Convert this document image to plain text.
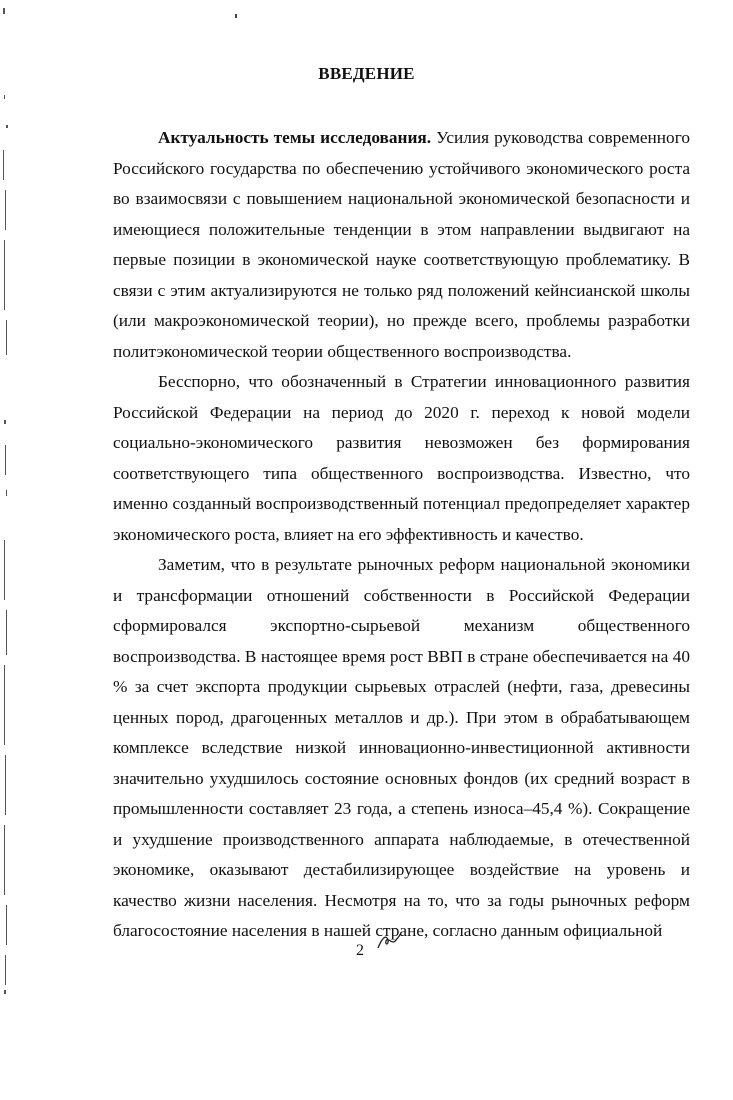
ВВЕДЕНИЕ

Актуальность темы исследования. Усилия руководства современного Российского государства по обеспечению устойчивого экономического роста во взаимосвязи с повышением национальной экономической безопасности и имеющиеся положительные тенденции в этом направлении выдвигают на первые позиции в экономической науке соответствующую проблематику. В связи с этим актуализируются не только ряд положений кейнсианской школы (или макроэкономической теории), но прежде всего, проблемы разработки политэкономической теории общественного воспроизводства.

Бесспорно, что обозначенный в Стратегии инновационного развития Российской Федерации на период до 2020 г. переход к новой модели социально-экономического развития невозможен без формирования соответствующего типа общественного воспроизводства. Известно, что именно созданный воспроизводственный потенциал предопределяет характер экономического роста, влияет на его эффективность и качество.

Заметим, что в результате рыночных реформ национальной экономики и трансформации отношений собственности в Российской Федерации сформировался экспортно-сырьевой механизм общественного воспроизводства. В настоящее время рост ВВП в стране обеспечивается на 40 % за счет экспорта продукции сырьевых отраслей (нефти, газа, древесины ценных пород, драгоценных металлов и др.). При этом в обрабатывающем комплексе вследствие низкой инновационно-инвестиционной активности значительно ухудшилось состояние основных фондов (их средний возраст в промышленности составляет 23 года, а степень износа–45,4 %). Сокращение и ухудшение производственного аппарата наблюдаемые, в отечественной экономике, оказывают дестабилизирующее воздействие на уровень и качество жизни населения. Несмотря на то, что за годы рыночных реформ благосостояние населения в нашей стране, согласно данным официальной

2
